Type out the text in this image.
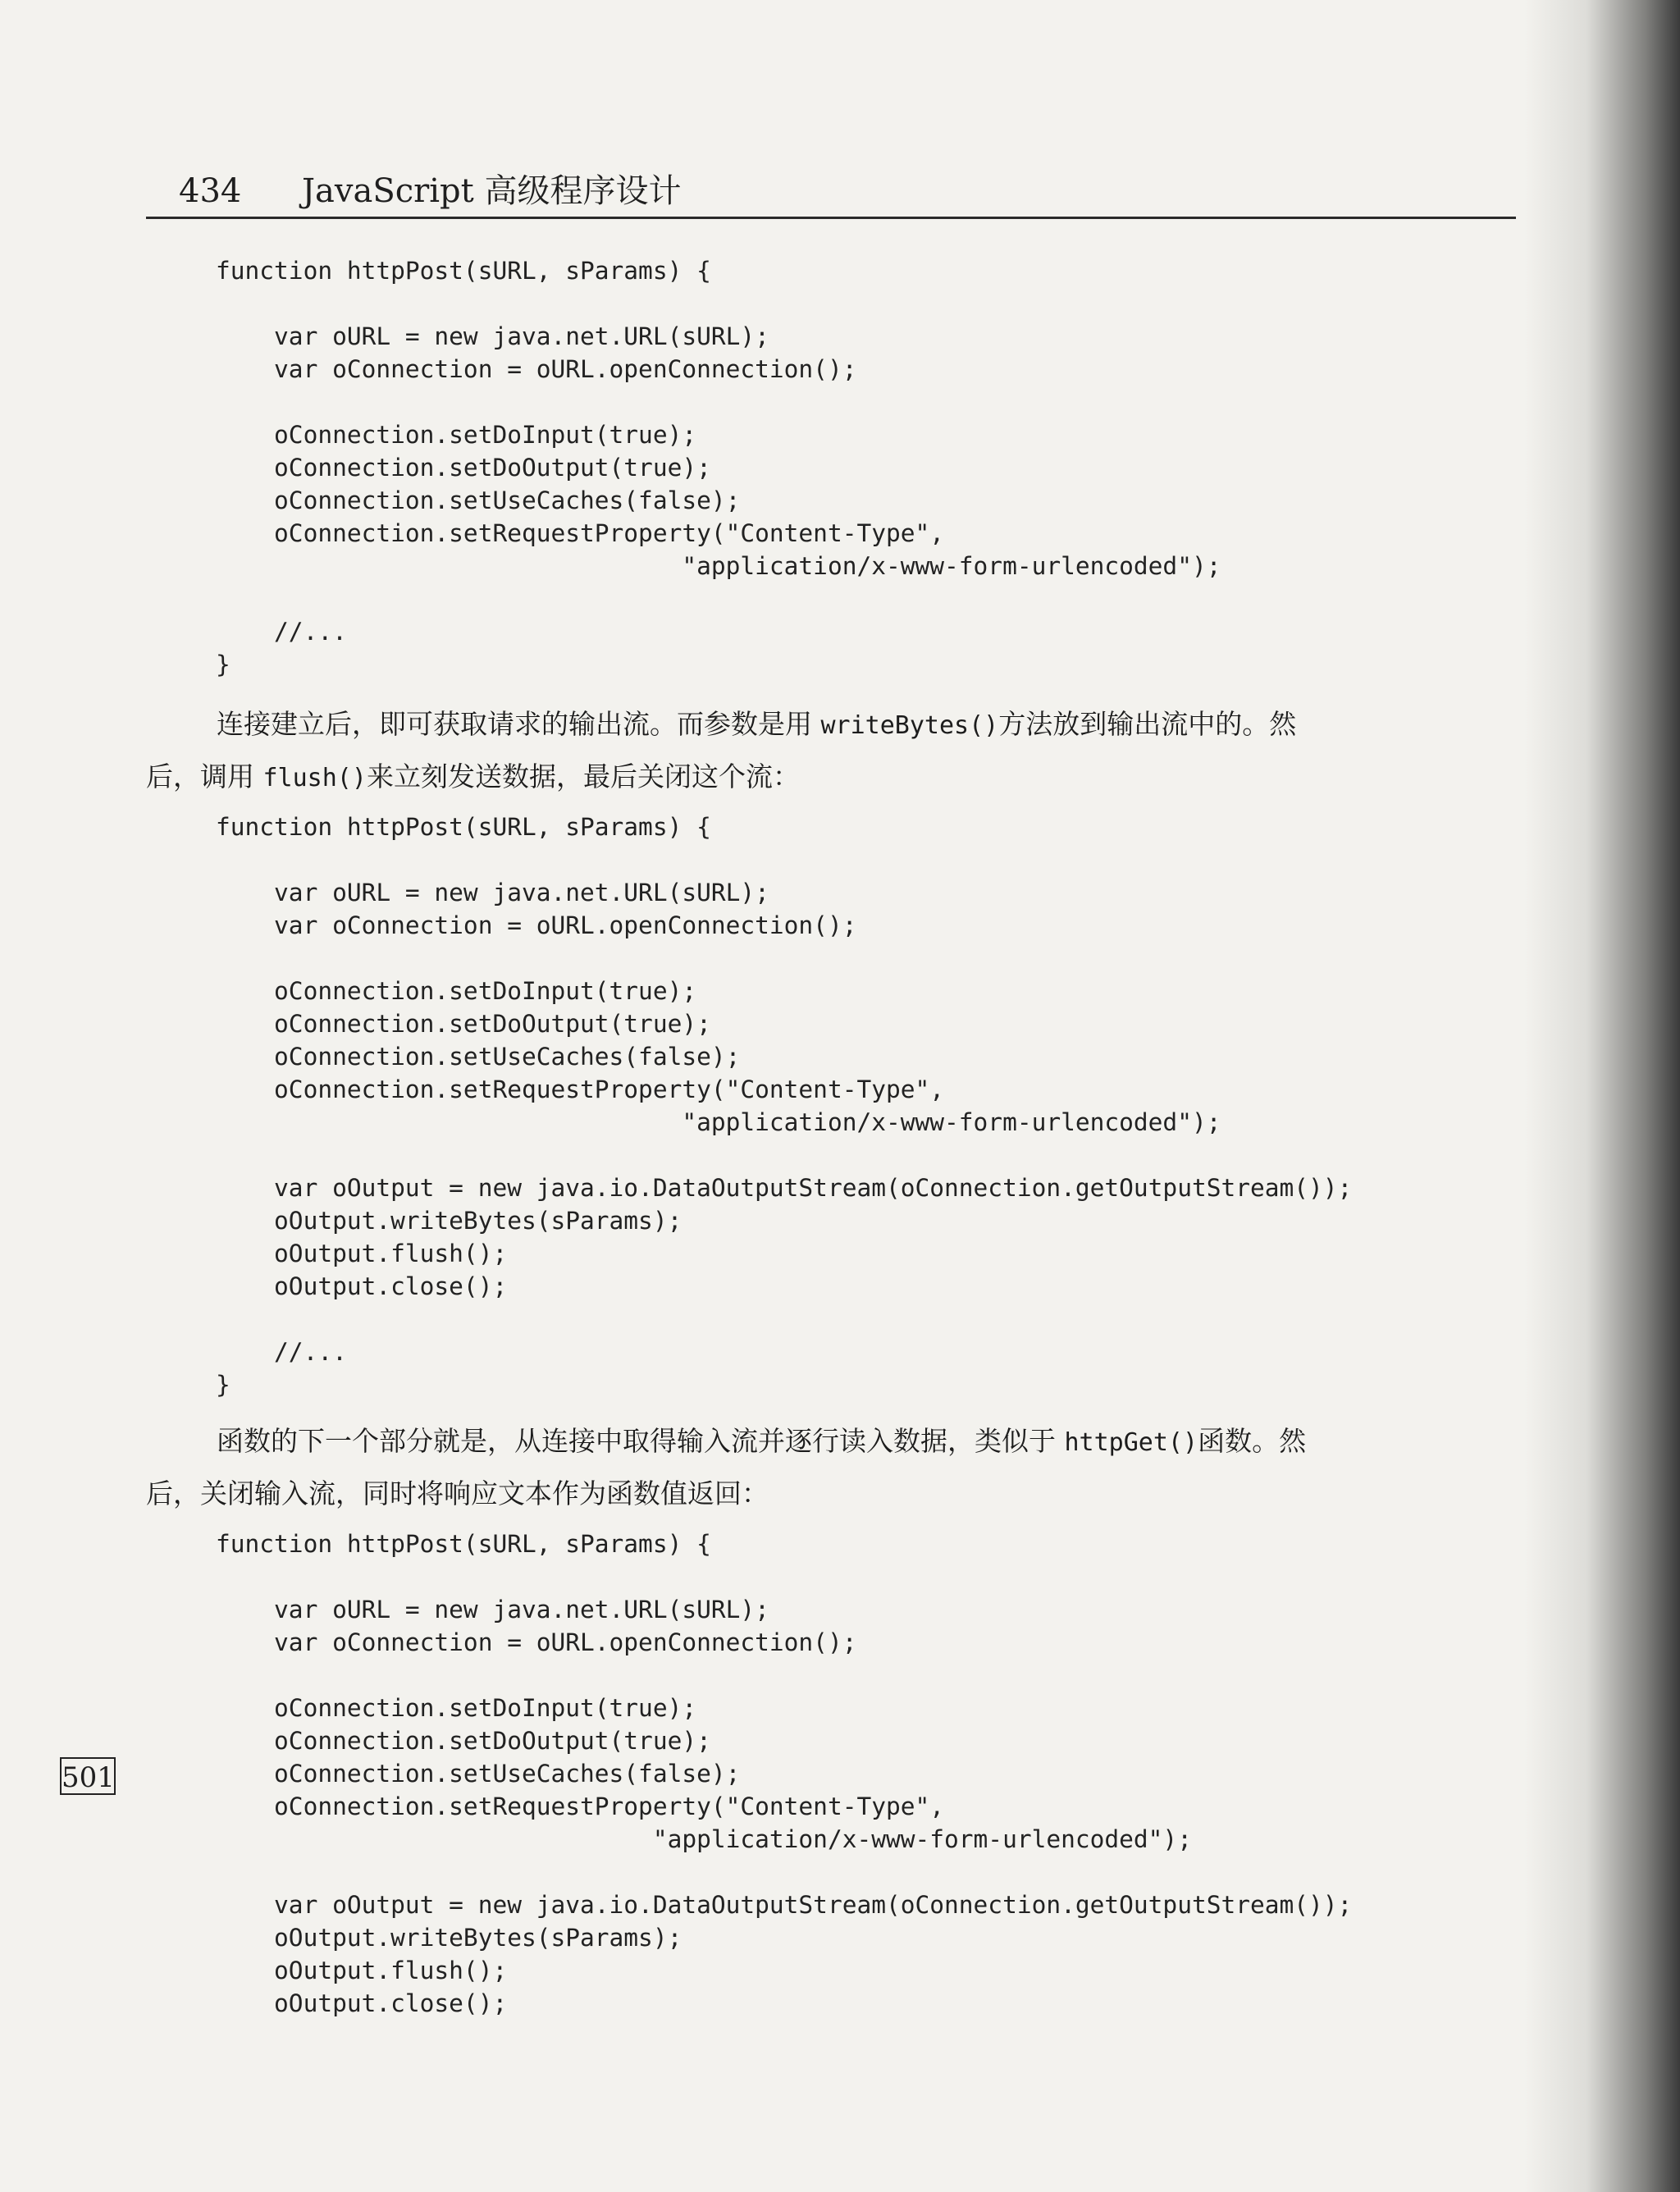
434 JavaScript 高级程序设计
function httpPost(sURL, sParams) {
var oURL = new java.net.URL(sURL);
var oConnection = oURL.openConnection();
oConnection.setDoInput(true);
oConnection.setDoOutput(true);
oConnection.setUseCaches(false);
oConnection.setRequestProperty("Content-Type",
"application/x-www-form-urlencoded");
//...
}
连接建立后，即可获取请求的输出流。而参数是用 writeBytes()方法放到输出流中的。然
后，调用 flush()来立刻发送数据，最后关闭这个流：
function httpPost(sURL, sParams) {
var oURL = new java.net.URL(sURL);
var oConnection = oURL.openConnection();
oConnection.setDoInput(true);
oConnection.setDoOutput(true);
oConnection.setUseCaches(false);
oConnection.setRequestProperty("Content-Type",
"application/x-www-form-urlencoded");
var oOutput = new java.io.DataOutputStream(oConnection.getOutputStream());
oOutput.writeBytes(sParams);
oOutput.flush();
oOutput.close();
//...
}
函数的下一个部分就是，从连接中取得输入流并逐行读入数据，类似于 httpGet()函数。然
后，关闭输入流，同时将响应文本作为函数值返回：
function httpPost(sURL, sParams) {
var oURL = new java.net.URL(sURL);
var oConnection = oURL.openConnection();
oConnection.setDoInput(true);
oConnection.setDoOutput(true);
oConnection.setUseCaches(false);
oConnection.setRequestProperty("Content-Type",
"application/x-www-form-urlencoded");
var oOutput = new java.io.DataOutputStream(oConnection.getOutputStream());
oOutput.writeBytes(sParams);
oOutput.flush();
oOutput.close();
501
